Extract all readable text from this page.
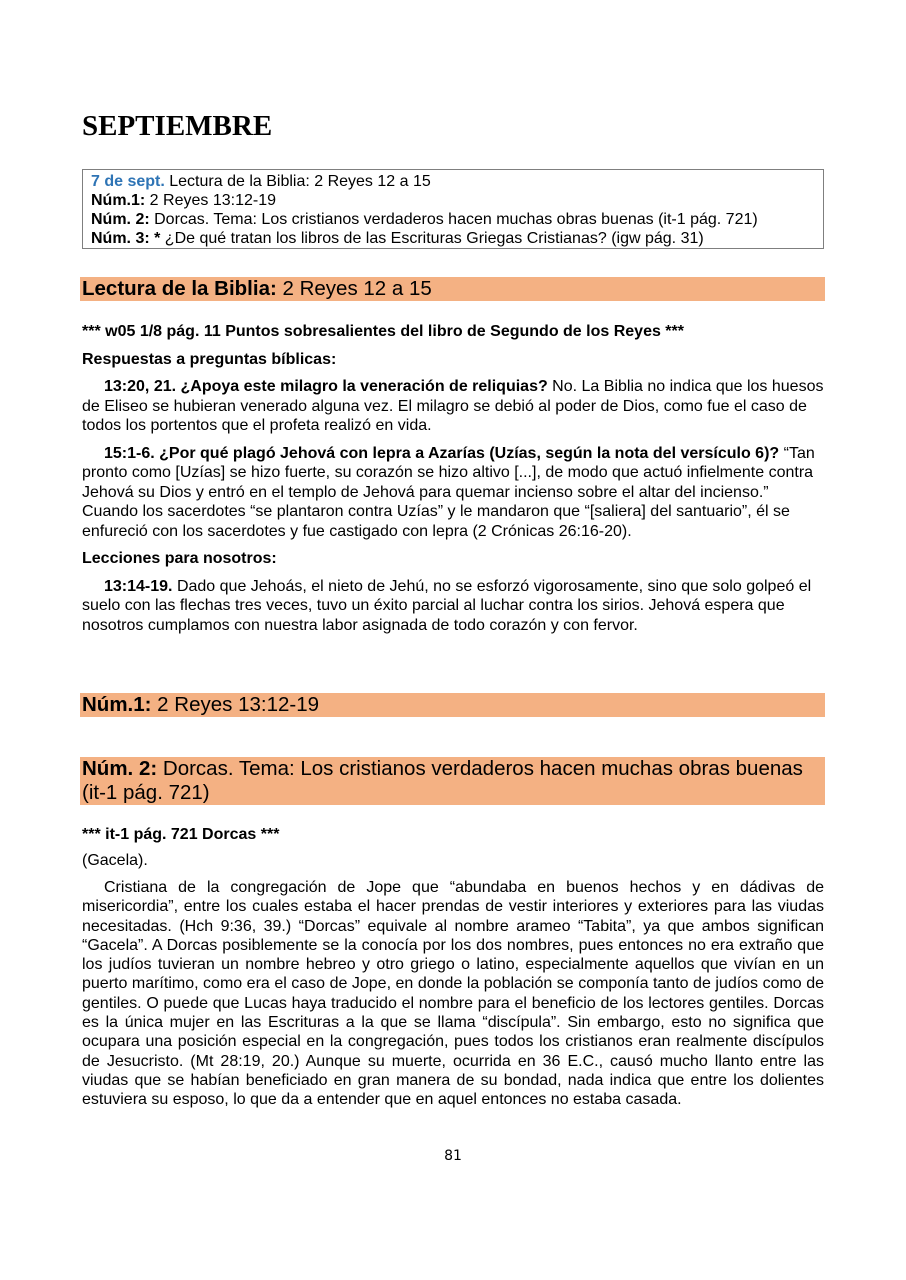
SEPTIEMBRE
7 de sept. Lectura de la Biblia: 2 Reyes 12 a 15
Núm.1: 2 Reyes 13:12-19
Núm. 2: Dorcas. Tema: Los cristianos verdaderos hacen muchas obras buenas (it-1 pág. 721)
Núm. 3: * ¿De qué tratan los libros de las Escrituras Griegas Cristianas? (igw pág. 31)
Lectura de la Biblia: 2 Reyes 12 a 15

*** w05 1/8 pág. 11 Puntos sobresalientes del libro de Segundo de los Reyes ***

Respuestas a preguntas bíblicas:

13:20, 21. ¿Apoya este milagro la veneración de reliquias? No. La Biblia no indica que los huesos de Eliseo se hubieran venerado alguna vez. El milagro se debió al poder de Dios, como fue el caso de todos los portentos que el profeta realizó en vida.

15:1-6. ¿Por qué plagó Jehová con lepra a Azarías (Uzías, según la nota del versículo 6)? “Tan pronto como [Uzías] se hizo fuerte, su corazón se hizo altivo [...], de modo que actuó infielmente contra Jehová su Dios y entró en el templo de Jehová para quemar incienso sobre el altar del incienso.” Cuando los sacerdotes “se plantaron contra Uzías” y le mandaron que “[saliera] del santuario”, él se enfureció con los sacerdotes y fue castigado con lepra (2 Crónicas 26:16-20).

Lecciones para nosotros:

13:14-19. Dado que Jehoás, el nieto de Jehú, no se esforzó vigorosamente, sino que solo golpeó el suelo con las flechas tres veces, tuvo un éxito parcial al luchar contra los sirios. Jehová espera que nosotros cumplamos con nuestra labor asignada de todo corazón y con fervor.

Núm.1: 2 Reyes 13:12-19
Núm. 2: Dorcas. Tema: Los cristianos verdaderos hacen muchas obras buenas (it-1 pág. 721)

*** it-1 pág. 721 Dorcas ***

(Gacela).

Cristiana de la congregación de Jope que “abundaba en buenos hechos y en dádivas de misericordia”, entre los cuales estaba el hacer prendas de vestir interiores y exteriores para las viudas necesitadas. (Hch 9:36, 39.) “Dorcas” equivale al nombre arameo “Tabita”, ya que ambos significan “Gacela”. A Dorcas posiblemente se la conocía por los dos nombres, pues entonces no era extraño que los judíos tuvieran un nombre hebreo y otro griego o latino, especialmente aquellos que vivían en un puerto marítimo, como era el caso de Jope, en donde la población se componía tanto de judíos como de gentiles. O puede que Lucas haya traducido el nombre para el beneficio de los lectores gentiles. Dorcas es la única mujer en las Escrituras a la que se llama “discípula”. Sin embargo, esto no significa que ocupara una posición especial en la congregación, pues todos los cristianos eran realmente discípulos de Jesucristo. (Mt 28:19, 20.) Aunque su muerte, ocurrida en 36 E.C., causó mucho llanto entre las viudas que se habían beneficiado en gran manera de su bondad, nada indica que entre los dolientes estuviera su esposo, lo que da a entender que en aquel entonces no estaba casada.

81
